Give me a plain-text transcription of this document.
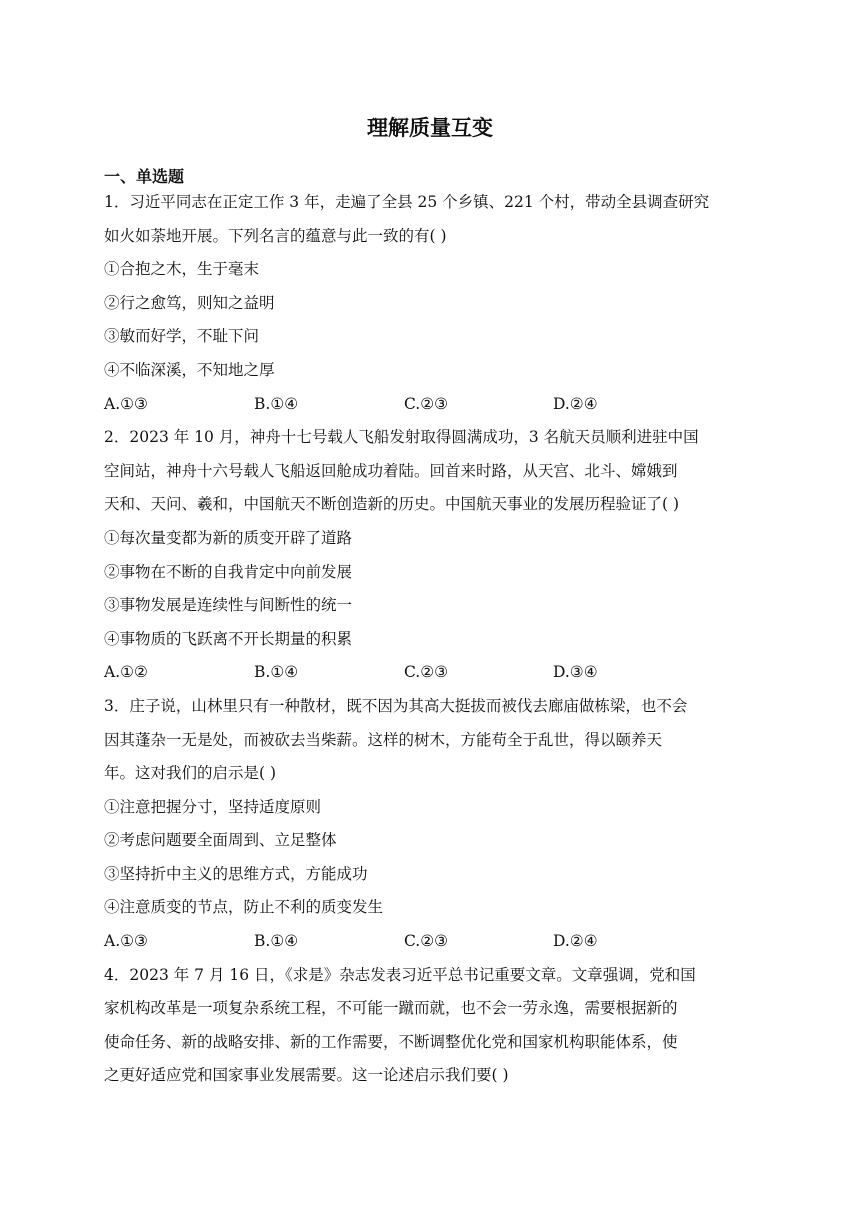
理解质量互变
一、单选题
1．习近平同志在正定工作 3 年，走遍了全县 25 个乡镇、221 个村，带动全县调查研究
如火如荼地开展。下列名言的蕴意与此一致的有( )
①合抱之木，生于毫末
②行之愈笃，则知之益明
③敏而好学，不耻下问
④不临深溪，不知地之厚
A.①③	B.①④	C.②③	D.②④
2．2023 年 10 月，神舟十七号载人飞船发射取得圆满成功，3 名航天员顺利进驻中国
空间站，神舟十六号载人飞船返回舱成功着陆。回首来时路，从天宫、北斗、嫦娥到
天和、天问、羲和，中国航天不断创造新的历史。中国航天事业的发展历程验证了( )
①每次量变都为新的质变开辟了道路
②事物在不断的自我肯定中向前发展
③事物发展是连续性与间断性的统一
④事物质的飞跃离不开长期量的积累
A.①②	B.①④	C.②③	D.③④
3．庄子说，山林里只有一种散材，既不因为其高大挺拔而被伐去廊庙做栋梁，也不会
因其蓬杂一无是处，而被砍去当柴薪。这样的树木，方能苟全于乱世，得以颐养天
年。这对我们的启示是( )
①注意把握分寸，坚持适度原则
②考虑问题要全面周到、立足整体
③坚持折中主义的思维方式，方能成功
④注意质变的节点，防止不利的质变发生
A.①③	B.①④	C.②③	D.②④
4．2023 年 7 月 16 日，《求是》杂志发表习近平总书记重要文章。文章强调，党和国
家机构改革是一项复杂系统工程，不可能一蹴而就，也不会一劳永逸，需要根据新的
使命任务、新的战略安排、新的工作需要，不断调整优化党和国家机构职能体系，使
之更好适应党和国家事业发展需要。这一论述启示我们要( )
